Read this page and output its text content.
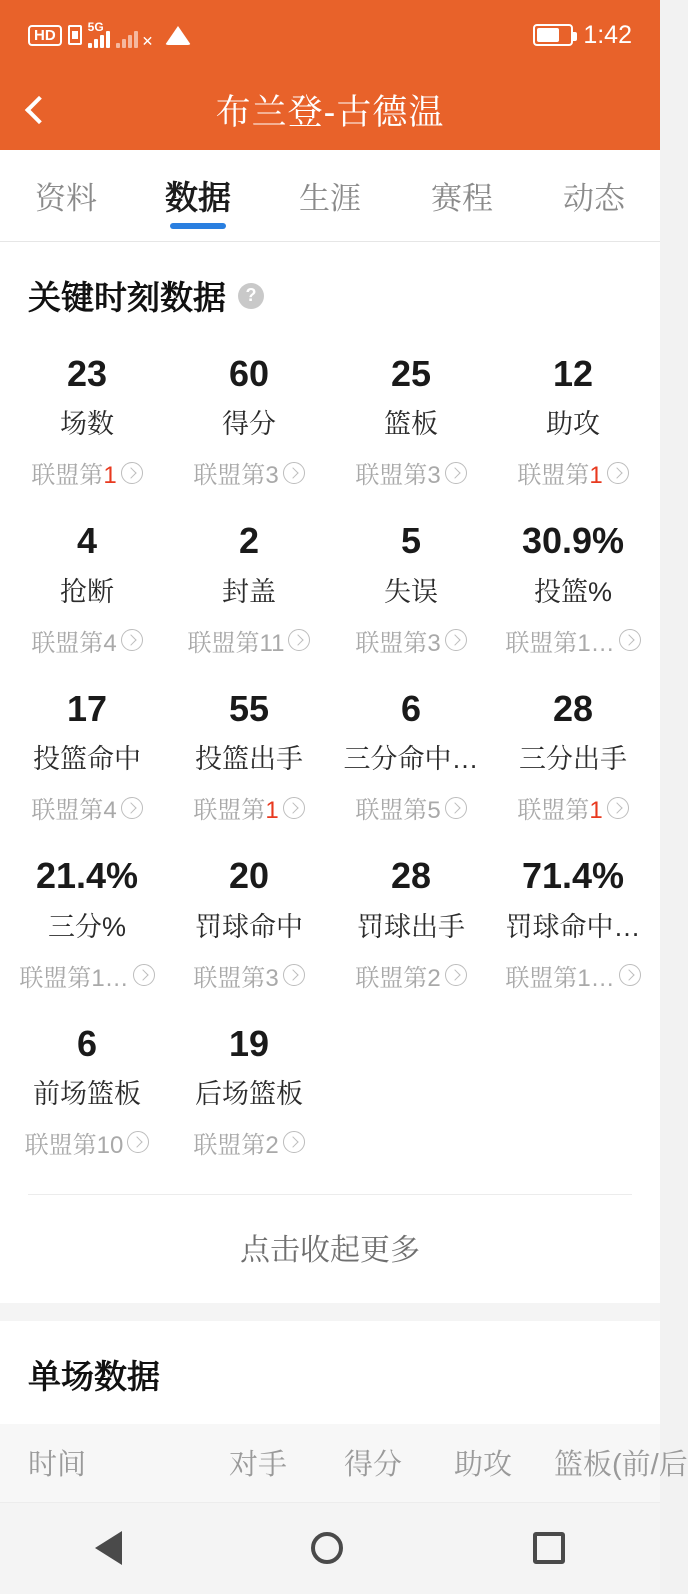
HD	5G
✕	1:42
布兰登-古德温
资料 数据 生涯 赛程 动态
关键时刻数据	?
23
场数
联盟第1
60
得分
联盟第3
25
篮板
联盟第3
12
助攻
联盟第1
4
抢断
联盟第4
2
封盖
联盟第11
5
失误
联盟第3
30.9%
投篮%
联盟第1…
17
投篮命中
联盟第4
55
投篮出手
联盟第1
6
三分命中…
联盟第5
28
三分出手
联盟第1
21.4%
三分%
联盟第1…
20
罚球命中
联盟第3
28
罚球出手
联盟第2
71.4%
罚球命中…
联盟第1…
6
前场篮板
联盟第10
19
后场篮板
联盟第2
点击收起更多
单场数据
时间	对手	得分	助攻	篮板(前/后
